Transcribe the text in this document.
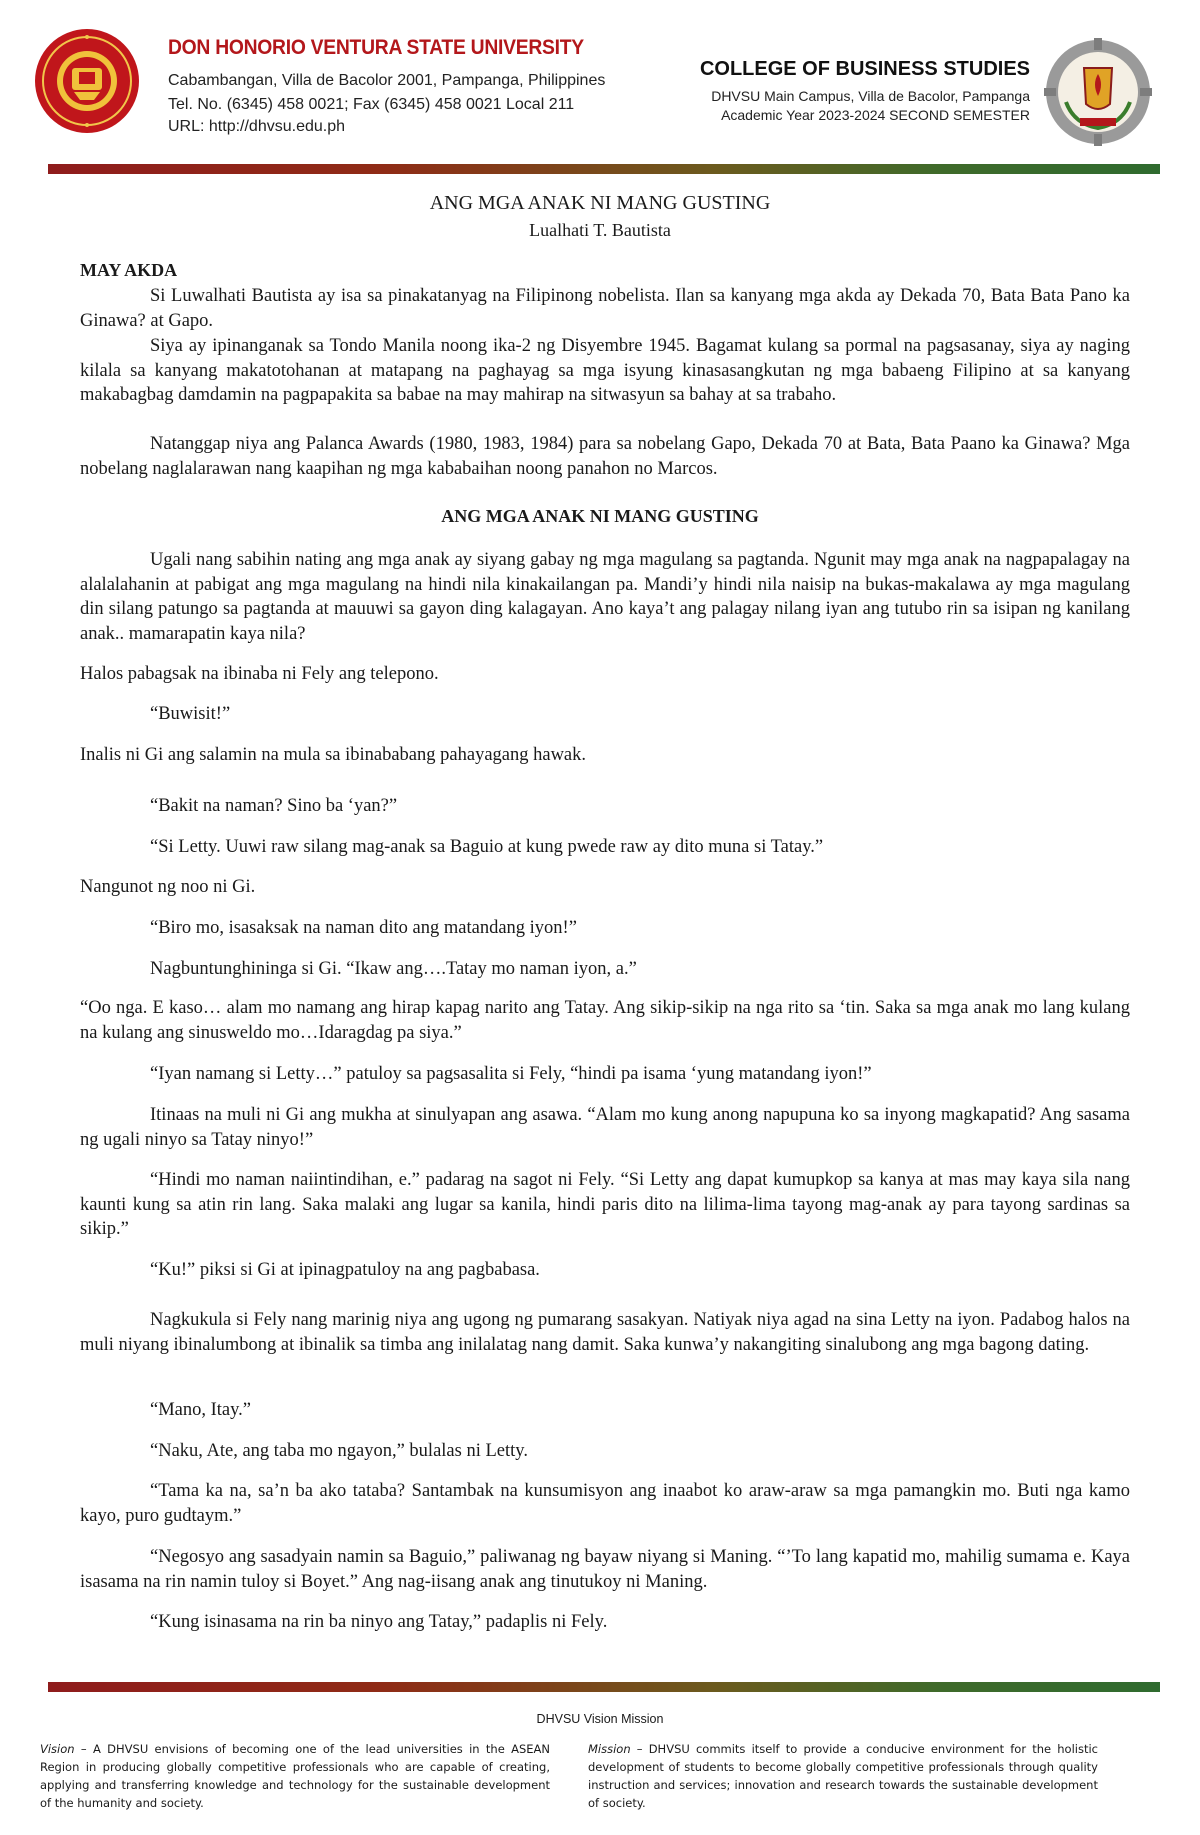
DON HONORIO VENTURA STATE UNIVERSITY
Cabambangan, Villa de Bacolor 2001, Pampanga, Philippines
Tel. No. (6345) 458 0021; Fax (6345) 458 0021 Local 211
URL: http://dhvsu.edu.ph
COLLEGE OF BUSINESS STUDIES
DHVSU Main Campus, Villa de Bacolor, Pampanga
Academic Year 2023-2024 SECOND SEMESTER
ANG MGA ANAK NI MANG GUSTING
Lualhati T. Bautista
MAY AKDA
Si Luwalhati Bautista ay isa sa pinakatanyag na Filipinong nobelista. Ilan sa kanyang mga akda ay Dekada 70, Bata Bata Pano ka Ginawa? at Gapo.
Siya ay ipinanganak sa Tondo Manila noong ika-2 ng Disyembre 1945. Bagamat kulang sa pormal na pagsasanay, siya ay naging kilala sa kanyang makatotohanan at matapang na paghayag sa mga isyung kinasasangkutan ng mga babaeng Filipino at sa kanyang makabagbag damdamin na pagpapakita sa babae na may mahirap na sitwasyun sa bahay at sa trabaho.
Natanggap niya ang Palanca Awards (1980, 1983, 1984) para sa nobelang Gapo, Dekada 70 at Bata, Bata Paano ka Ginawa? Mga nobelang naglalarawan nang kaapihan ng mga kababaihan noong panahon no Marcos.
ANG MGA ANAK NI MANG GUSTING
Ugali nang sabihin nating ang mga anak ay siyang gabay ng mga magulang sa pagtanda. Ngunit may mga anak na nagpapalagay na alalalahanin at pabigat ang mga magulang na hindi nila kinakailangan pa. Mandi’y hindi nila naisip na bukas-makalawa ay mga magulang din silang patungo sa pagtanda at mauuwi sa gayon ding kalagayan. Ano kaya’t ang palagay nilang iyan ang tutubo rin sa isipan ng kanilang anak.. mamarapatin kaya nila?
Halos pabagsak na ibinaba ni Fely ang telepono.
“Buwisit!”
Inalis ni Gi ang salamin na mula sa ibinababang pahayagang hawak.
“Bakit na naman? Sino ba ‘yan?”
“Si Letty. Uuwi raw silang mag-anak sa Baguio at kung pwede raw ay dito muna si Tatay.”
Nangunot ng noo ni Gi.
“Biro mo, isasaksak na naman dito ang matandang iyon!”
Nagbuntunghininga si Gi. “Ikaw ang….Tatay mo naman iyon, a.”
“Oo nga. E kaso… alam mo namang ang hirap kapag narito ang Tatay. Ang sikip-sikip na nga rito sa ‘tin. Saka sa mga anak mo lang kulang na kulang ang sinusweldo mo…Idaragdag pa siya.”
“Iyan namang si Letty…” patuloy sa pagsasalita si Fely, “hindi pa isama ‘yung matandang iyon!”
Itinaas na muli ni Gi ang mukha at sinulyapan ang asawa. “Alam mo kung anong napupuna ko sa inyong magkapatid? Ang sasama ng ugali ninyo sa Tatay ninyo!”
“Hindi mo naman naiintindihan, e.” padarag na sagot ni Fely. “Si Letty ang dapat kumupkop sa kanya at mas may kaya sila nang kaunti kung sa atin rin lang. Saka malaki ang lugar sa kanila, hindi paris dito na lilima-lima tayong mag-anak ay para tayong sardinas sa sikip.”
“Ku!” piksi si Gi at ipinagpatuloy na ang pagbabasa.
Nagkukula si Fely nang marinig niya ang ugong ng pumarang sasakyan. Natiyak niya agad na sina Letty na iyon. Padabog halos na muli niyang ibinalumbong at ibinalik sa timba ang inilalatag nang damit. Saka kunwa’y nakangiting sinalubong ang mga bagong dating.
“Mano, Itay.”
“Naku, Ate, ang taba mo ngayon,” bulalas ni Letty.
“Tama ka na, sa’n ba ako tataba? Santambak na kunsumisyon ang inaabot ko araw-araw sa mga pamangkin mo. Buti nga kamo kayo, puro gudtaym.”
“Negosyo ang sasadyain namin sa Baguio,” paliwanag ng bayaw niyang si Maning. “’To lang kapatid mo, mahilig sumama e. Kaya isasama na rin namin tuloy si Boyet.” Ang nag-iisang anak ang tinutukoy ni Maning.
“Kung isinasama na rin ba ninyo ang Tatay,” padaplis ni Fely.
DHVSU Vision Mission
Vision – A DHVSU envisions of becoming one of the lead universities in the ASEAN Region in producing globally competitive professionals who are capable of creating, applying and transferring knowledge and technology for the sustainable development of the humanity and society.
Mission – DHVSU commits itself to provide a conducive environment for the holistic development of students to become globally competitive professionals through quality instruction and services; innovation and research towards the sustainable development of society.
